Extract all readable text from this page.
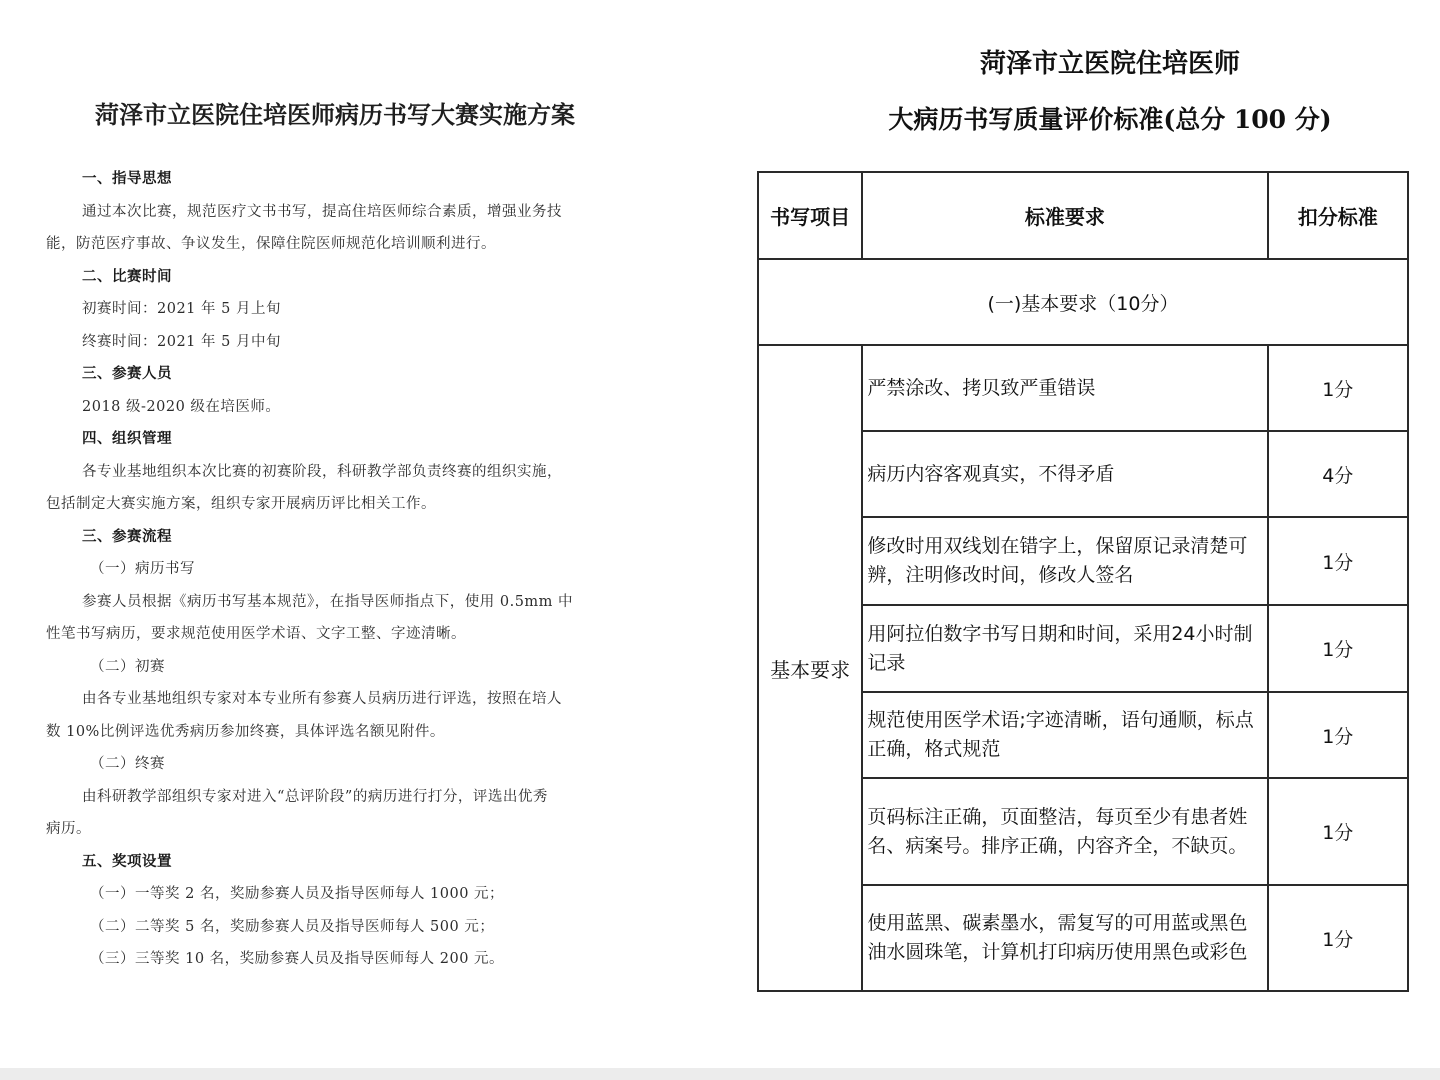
菏泽市立医院住培医师病历书写大赛实施方案
一、指导思想
通过本次比赛，规范医疗文书书写，提高住培医师综合素质，增强业务技
能，防范医疗事故、争议发生，保障住院医师规范化培训顺利进行。
二、比赛时间
初赛时间：2021 年 5 月上旬
终赛时间：2021 年 5 月中旬
三、参赛人员
2018 级-2020 级在培医师。
四、组织管理
各专业基地组织本次比赛的初赛阶段，科研教学部负责终赛的组织实施，
包括制定大赛实施方案，组织专家开展病历评比相关工作。
三、参赛流程
（一）病历书写
参赛人员根据《病历书写基本规范》，在指导医师指点下，使用 0.5mm 中
性笔书写病历，要求规范使用医学术语、文字工整、字迹清晰。
（二）初赛
由各专业基地组织专家对本专业所有参赛人员病历进行评选，按照在培人
数 10%比例评选优秀病历参加终赛，具体评选名额见附件。
（二）终赛
由科研教学部组织专家对进入“总评阶段”的病历进行打分，评选出优秀
病历。
五、奖项设置
（一）一等奖 2 名，奖励参赛人员及指导医师每人 1000 元；
（二）二等奖 5 名，奖励参赛人员及指导医师每人 500 元；
（三）三等奖 10 名，奖励参赛人员及指导医师每人 200 元。
菏泽市立医院住培医师
大病历书写质量评价标准(总分 100 分)
书写项目	标准要求	扣分标准
(一)基本要求（10分）		
基本要求	严禁涂改、拷贝致严重错误	1分
	病历内容客观真实，不得矛盾	4分
	修改时用双线划在错字上，保留原记录清楚可辨，注明修改时间，修改人签名	1分
	用阿拉伯数字书写日期和时间，采用24小时制记录	1分
	规范使用医学术语;字迹清晰，语句通顺，标点正确，格式规范	1分
	页码标注正确，页面整洁，每页至少有患者姓名、病案号。排序正确，内容齐全，不缺页。	1分
	使用蓝黑、碳素墨水，需复写的可用蓝或黑色油水圆珠笔，计算机打印病历使用黑色或彩色	1分
